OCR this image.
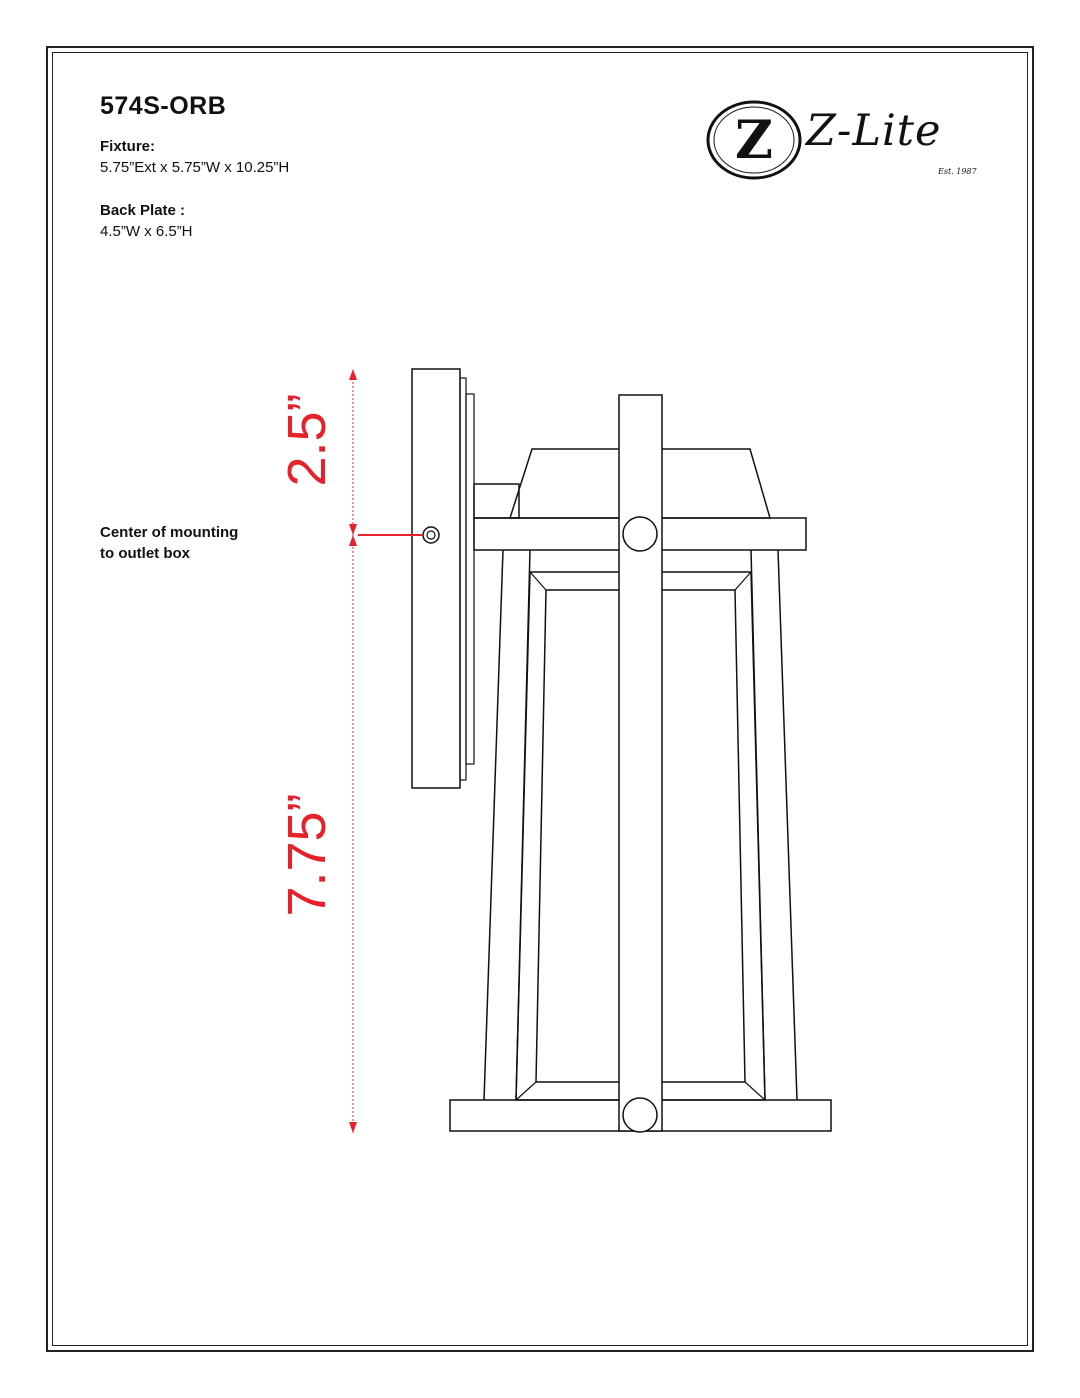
574S-ORB
Fixture:
5.75”Ext x 5.75”W x 10.25”H
Back Plate :
4.5”W x 6.5”H
Center of mounting
to outlet box
Z Z-Lite
Est. 1987
2.5”
7.75”
